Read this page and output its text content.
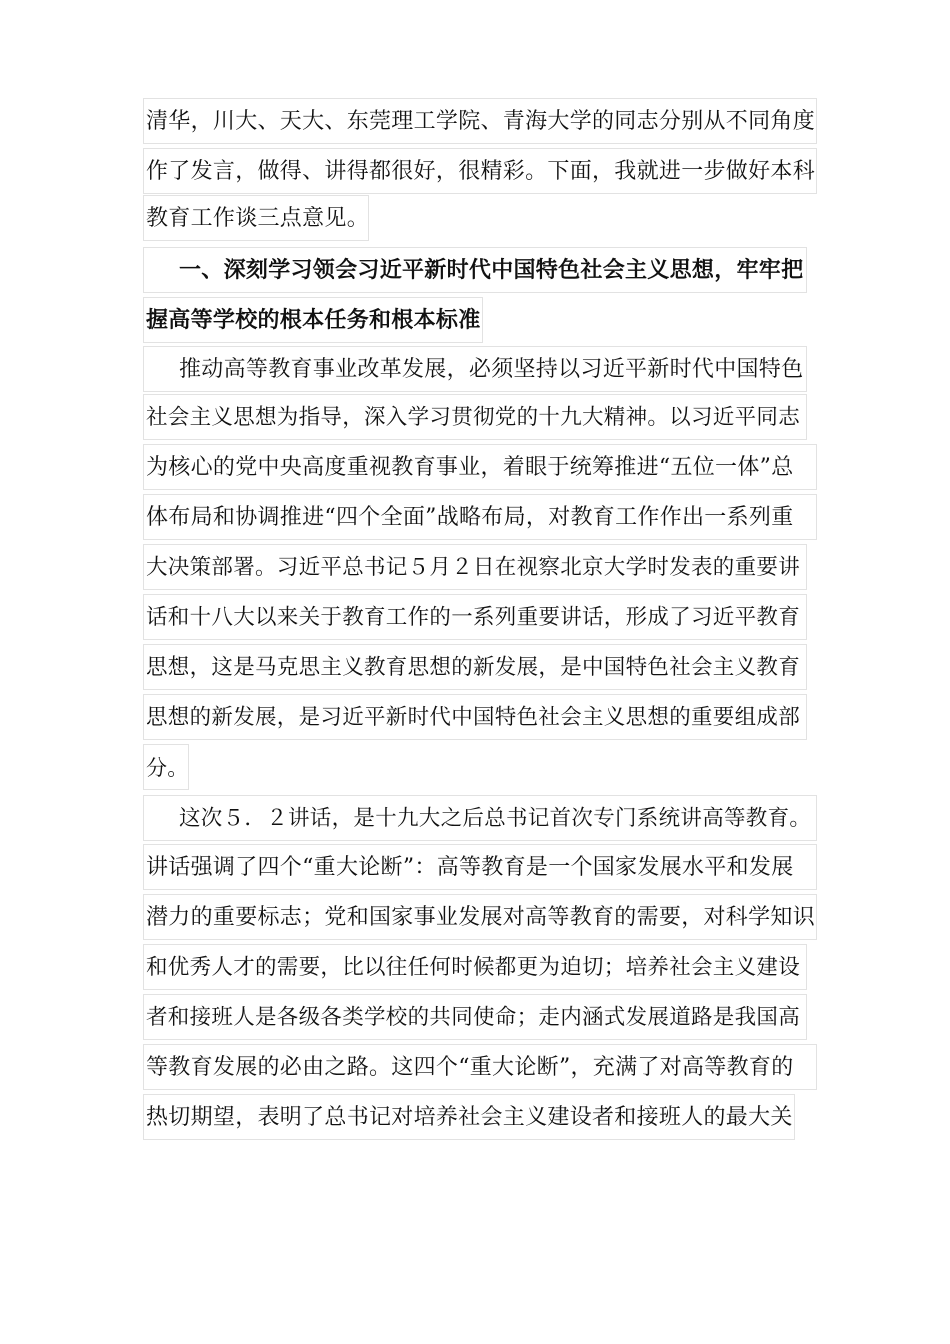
清华，川大、天大、东莞理工学院、青海大学的同志分别从不同角度
作了发言，做得、讲得都很好，很精彩。下面，我就进一步做好本科
教育工作谈三点意见。
一、深刻学习领会习近平新时代中国特色社会主义思想，牢牢把
握高等学校的根本任务和根本标准
推动高等教育事业改革发展，必须坚持以习近平新时代中国特色
社会主义思想为指导，深入学习贯彻党的十九大精神。以习近平同志
为核心的党中央高度重视教育事业，着眼于统筹推进“五位一体”总
体布局和协调推进“四个全面”战略布局，对教育工作作出一系列重
大决策部署。习近平总书记５月２日在视察北京大学时发表的重要讲
话和十八大以来关于教育工作的一系列重要讲话，形成了习近平教育
思想，这是马克思主义教育思想的新发展，是中国特色社会主义教育
思想的新发展，是习近平新时代中国特色社会主义思想的重要组成部
分。
这次５．２讲话，是十九大之后总书记首次专门系统讲高等教育。
讲话强调了四个“重大论断”：高等教育是一个国家发展水平和发展
潜力的重要标志；党和国家事业发展对高等教育的需要，对科学知识
和优秀人才的需要，比以往任何时候都更为迫切；培养社会主义建设
者和接班人是各级各类学校的共同使命；走内涵式发展道路是我国高
等教育发展的必由之路。这四个“重大论断”，充满了对高等教育的
热切期望，表明了总书记对培养社会主义建设者和接班人的最大关
